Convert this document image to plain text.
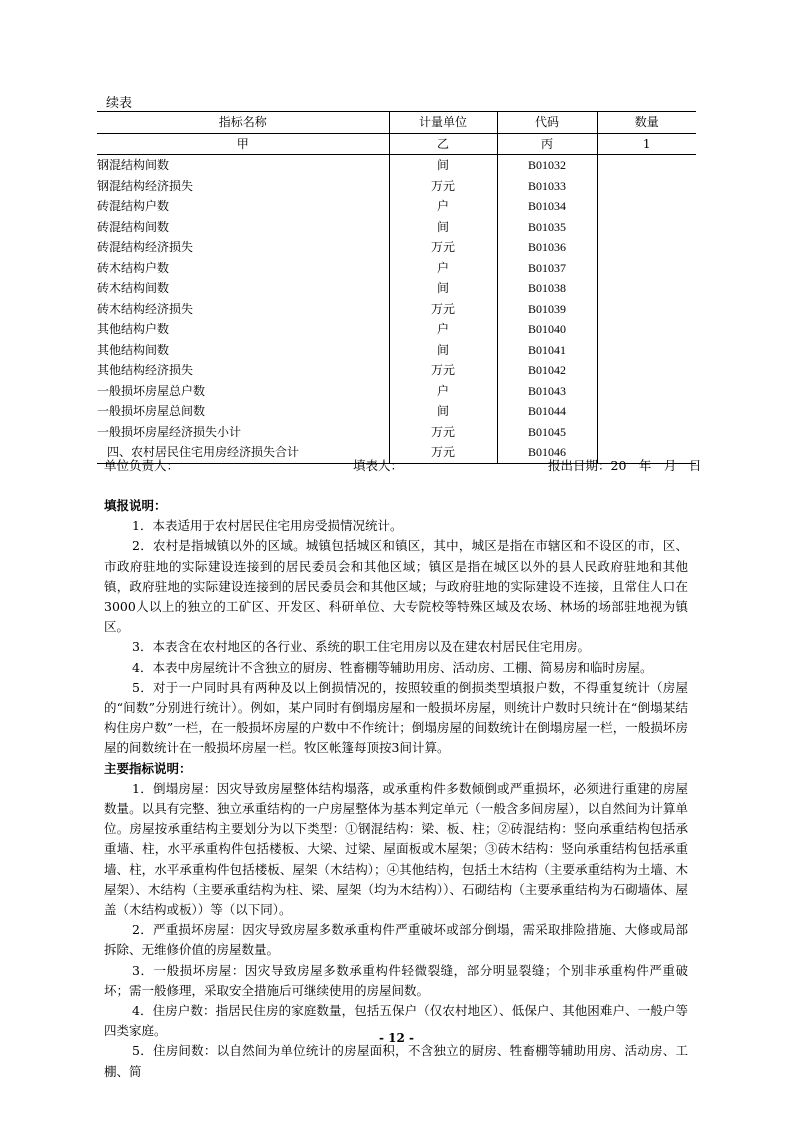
续表
指标名称	计量单位	代码	数量
甲	乙	丙	1
钢混结构间数	间	B01032	
钢混结构经济损失	万元	B01033	
砖混结构户数	户	B01034	
砖混结构间数	间	B01035	
砖混结构经济损失	万元	B01036	
砖木结构户数	户	B01037	
砖木结构间数	间	B01038	
砖木结构经济损失	万元	B01039	
其他结构户数	户	B01040	
其他结构间数	间	B01041	
其他结构经济损失	万元	B01042	
一般损坏房屋总户数	户	B01043	
一般损坏房屋总间数	间	B01044	
一般损坏房屋经济损失小计	万元	B01045	
四、农村居民住宅用房经济损失合计	万元	B01046	
单位负责人：	填表人：	报出日期：20　年　月　日
填报说明：

1．本表适用于农村居民住宅用房受损情况统计。

2．农村是指城镇以外的区域。城镇包括城区和镇区，其中，城区是指在市辖区和不设区的市，区、市政府驻地的实际建设连接到的居民委员会和其他区域；镇区是指在城区以外的县人民政府驻地和其他镇，政府驻地的实际建设连接到的居民委员会和其他区域；与政府驻地的实际建设不连接，且常住人口在3000人以上的独立的工矿区、开发区、科研单位、大专院校等特殊区域及农场、林场的场部驻地视为镇区。

3．本表含在农村地区的各行业、系统的职工住宅用房以及在建农村居民住宅用房。

4．本表中房屋统计不含独立的厨房、牲畜棚等辅助用房、活动房、工棚、简易房和临时房屋。

5．对于一户同时具有两种及以上倒损情况的，按照较重的倒损类型填报户数，不得重复统计（房屋的“间数”分别进行统计）。例如，某户同时有倒塌房屋和一般损坏房屋，则统计户数时只统计在“倒塌某结构住房户数”一栏，在一般损坏房屋的户数中不作统计；倒塌房屋的间数统计在倒塌房屋一栏，一般损坏房屋的间数统计在一般损坏房屋一栏。牧区帐篷每顶按3间计算。

主要指标说明：

1．倒塌房屋：因灾导致房屋整体结构塌落，或承重构件多数倾倒或严重损坏，必须进行重建的房屋数量。以具有完整、独立承重结构的一户房屋整体为基本判定单元（一般含多间房屋），以自然间为计算单位。房屋按承重结构主要划分为以下类型：①钢混结构：梁、板、柱；②砖混结构：竖向承重结构包括承重墙、柱，水平承重构件包括楼板、大梁、过梁、屋面板或木屋架；③砖木结构：竖向承重结构包括承重墙、柱，水平承重构件包括楼板、屋架（木结构）；④其他结构，包括土木结构（主要承重结构为土墙、木屋架）、木结构（主要承重结构为柱、梁、屋架（均为木结构））、石砌结构（主要承重结构为石砌墙体、屋盖（木结构或板））等（以下同）。

2．严重损坏房屋：因灾导致房屋多数承重构件严重破坏或部分倒塌，需采取排险措施、大修或局部拆除、无维修价值的房屋数量。

3．一般损坏房屋：因灾导致房屋多数承重构件轻微裂缝，部分明显裂缝；个别非承重构件严重破坏；需一般修理，采取安全措施后可继续使用的房屋间数。

4．住房户数：指居民住房的家庭数量，包括五保户（仅农村地区）、低保户、其他困难户、一般户等四类家庭。

5．住房间数：以自然间为单位统计的房屋面积，不含独立的厨房、牲畜棚等辅助用房、活动房、工棚、简

- 12 -
